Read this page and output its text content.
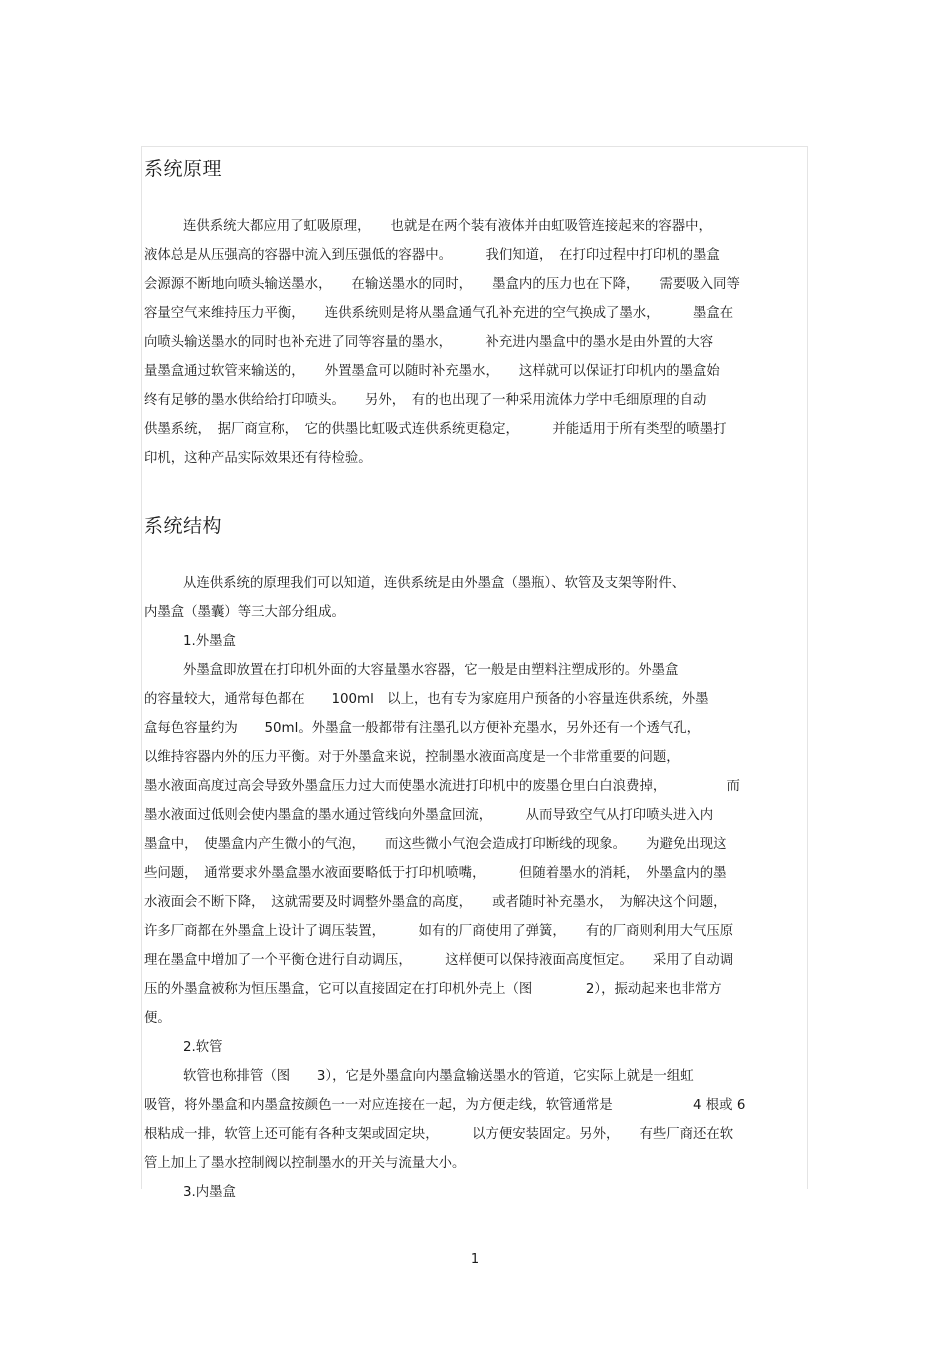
系统原理
连供系统大都应用了虹吸原理，　　也就是在两个装有液体并由虹吸管连接起来的容器中，
液体总是从压强高的容器中流入到压强低的容器中。　　　我们知道，　在打印过程中打印机的墨盒
会源源不断地向喷头输送墨水，　　在输送墨水的同时，　　墨盒内的压力也在下降，　　需要吸入同等
容量空气来维持压力平衡，　　连供系统则是将从墨盒通气孔补充进的空气换成了墨水，　　　墨盒在
向喷头输送墨水的同时也补充进了同等容量的墨水，　　　补充进内墨盒中的墨水是由外置的大容
量墨盒通过软管来输送的，　　外置墨盒可以随时补充墨水，　　这样就可以保证打印机内的墨盒始
终有足够的墨水供给给打印喷头。　　另外，　有的也出现了一种采用流体力学中毛细原理的自动
供墨系统，　据厂商宣称，　它的供墨比虹吸式连供系统更稳定，　　　并能适用于所有类型的喷墨打
印机，这种产品实际效果还有待检验。
系统结构
从连供系统的原理我们可以知道，连供系统是由外墨盒（墨瓶）、软管及支架等附件、
内墨盒（墨囊）等三大部分组成。
1.外墨盒
外墨盒即放置在打印机外面的大容量墨水容器，它一般是由塑料注塑成形的。外墨盒
的容量较大，通常每色都在　　100ml　以上，也有专为家庭用户预备的小容量连供系统，外墨
盒每色容量约为　　50ml。外墨盒一般都带有注墨孔以方便补充墨水，另外还有一个透气孔，
以维持容器内外的压力平衡。对于外墨盒来说，控制墨水液面高度是一个非常重要的问题，
墨水液面高度过高会导致外墨盒压力过大而使墨水流进打印机中的废墨仓里白白浪费掉，　　　　　而
墨水液面过低则会使内墨盒的墨水通过管线向外墨盒回流，　　　从而导致空气从打印喷头进入内
墨盒中，　使墨盒内产生微小的气泡，　　而这些微小气泡会造成打印断线的现象。　　为避免出现这
些问题，　通常要求外墨盒墨水液面要略低于打印机喷嘴，　　　但随着墨水的消耗，　外墨盒内的墨
水液面会不断下降，　这就需要及时调整外墨盒的高度，　　或者随时补充墨水，　为解决这个问题，
许多厂商都在外墨盒上设计了调压装置，　　　如有的厂商使用了弹簧，　　有的厂商则利用大气压原
理在墨盒中增加了一个平衡仓进行自动调压，　　　这样便可以保持液面高度恒定。　　采用了自动调
压的外墨盒被称为恒压墨盒，它可以直接固定在打印机外壳上（图　　　　2），振动起来也非常方
便。
2.软管
软管也称排管（图　　3），它是外墨盒向内墨盒输送墨水的管道，它实际上就是一组虹
吸管，将外墨盒和内墨盒按颜色一一对应连接在一起，为方便走线，软管通常是　　　　　　4 根或 6
根粘成一排，软管上还可能有各种支架或固定块，　　　以方便安装固定。另外，　　有些厂商还在软
管上加上了墨水控制阀以控制墨水的开关与流量大小。
3.内墨盒
1
